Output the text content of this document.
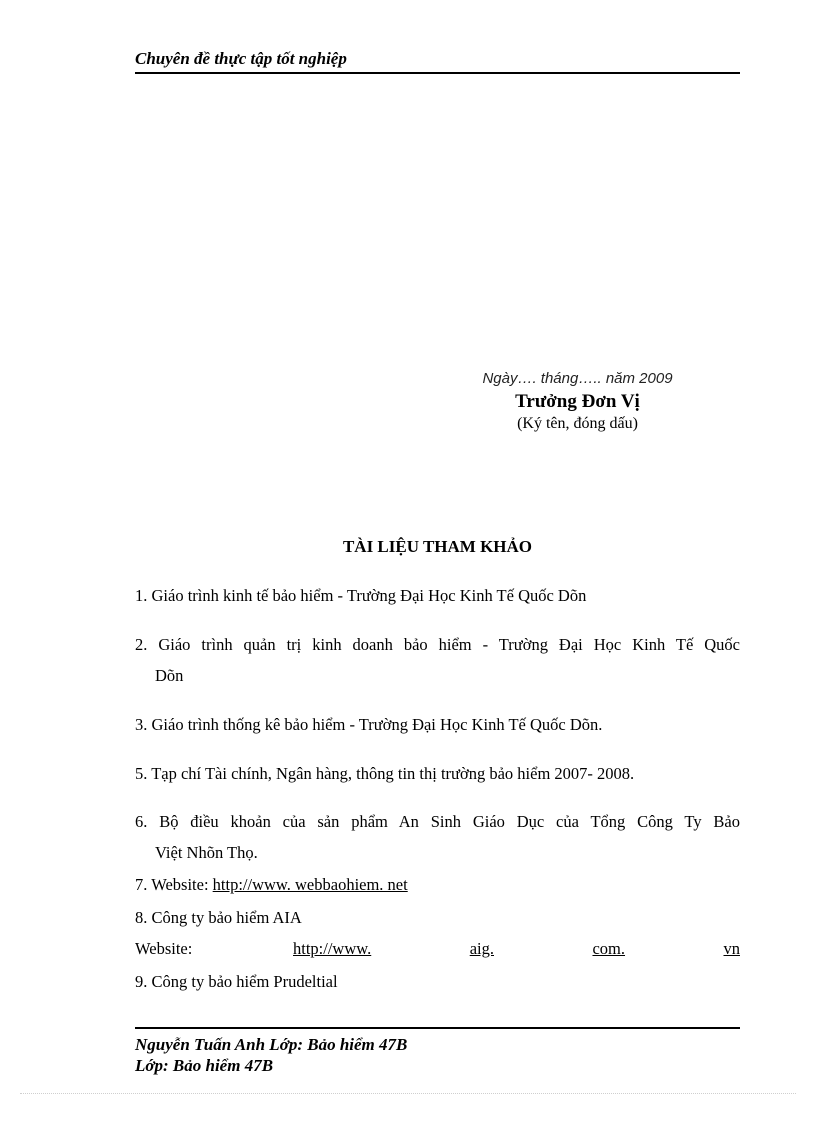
Chuyên đề thực tập tốt nghiệp
Ngày…. tháng….. năm 2009
Trưởng Đơn Vị
(Ký tên, đóng dấu)
TÀI LIỆU THAM KHẢO
1. Giáo trình kinh tế bảo hiểm - Trường Đại Học Kinh Tế Quốc Dõn
2. Giáo trình quản trị kinh doanh bảo hiểm - Trường Đại Học Kinh Tế Quốc
Dõn
3. Giáo trình thống kê bảo hiểm - Trường Đại Học Kinh Tế Quốc Dõn.
5. Tạp chí Tài chính, Ngân hàng, thông tin thị trường bảo hiểm 2007- 2008.
6. Bộ điều khoản của sản phẩm An Sinh Giáo Dục của Tổng Công Ty Bảo
Việt Nhõn Thọ.
7. Website: http://www. webbaohiem. net
8. Công ty bảo hiểm AIA
Website:	http://www.	aig.	com.	vn
9. Công ty bảo hiểm Prudeltial
Nguyễn Tuấn Anh Lớp: Bảo hiểm 47B
Lớp: Bảo hiểm 47B
